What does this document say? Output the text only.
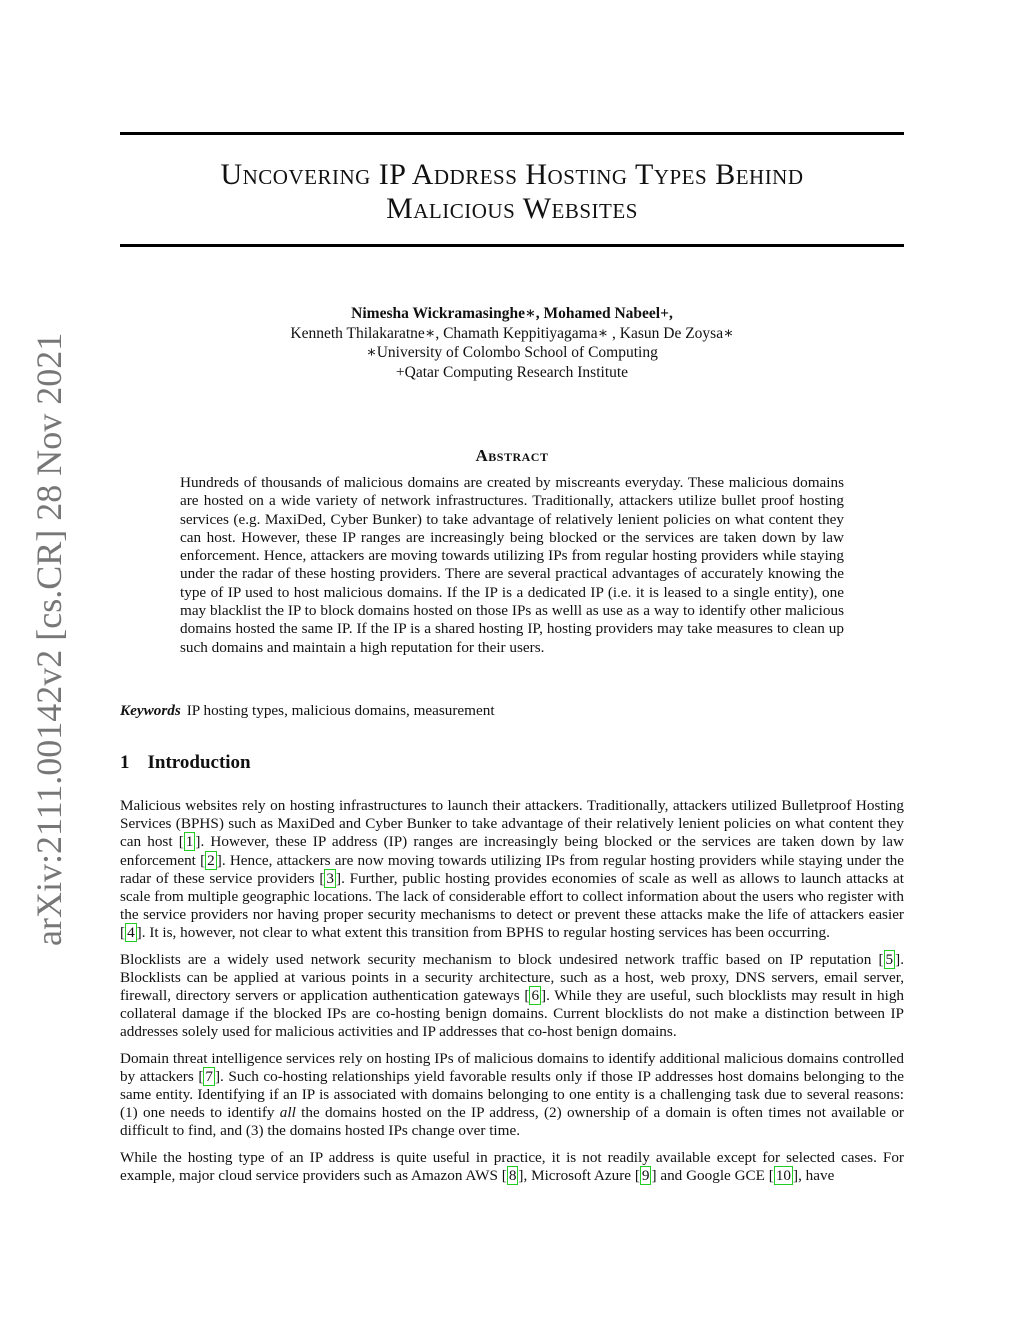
Uncovering IP Address Hosting Types Behind
Malicious Websites
arXiv:2111.00142v2 [cs.CR] 28 Nov 2021
Nimesha Wickramasinghe∗, Mohamed Nabeel+,
Kenneth Thilakaratne∗, Chamath Keppitiyagama∗ , Kasun De Zoysa∗
∗University of Colombo School of Computing
+Qatar Computing Research Institute
Abstract
Hundreds of thousands of malicious domains are created by miscreants everyday. These malicious domains are hosted on a wide variety of network infrastructures. Traditionally, attackers utilize bullet proof hosting services (e.g. MaxiDed, Cyber Bunker) to take advantage of relatively lenient policies on what content they can host. However, these IP ranges are increasingly being blocked or the services are taken down by law enforcement. Hence, attackers are moving towards utilizing IPs from regular hosting providers while staying under the radar of these hosting providers. There are several practical advantages of accurately knowing the type of IP used to host malicious domains. If the IP is a dedicated IP (i.e. it is leased to a single entity), one may blacklist the IP to block domains hosted on those IPs as welll as use as a way to identify other malicious domains hosted the same IP. If the IP is a shared hosting IP, hosting providers may take measures to clean up such domains and maintain a high reputation for their users.
Keywords IP hosting types, malicious domains, measurement
1 Introduction

Malicious websites rely on hosting infrastructures to launch their attackers. Traditionally, attackers utilized Bulletproof Hosting Services (BPHS) such as MaxiDed and Cyber Bunker to take advantage of their relatively lenient policies on what content they can host [ 1 ]. However, these IP address (IP) ranges are increasingly being blocked or the services are taken down by law enforcement [ 2 ]. Hence, attackers are now moving towards utilizing IPs from regular hosting providers while staying under the radar of these service providers [ 3 ]. Further, public hosting provides economies of scale as well as allows to launch attacks at scale from multiple geographic locations. The lack of considerable effort to collect information about the users who register with the service providers nor having proper security mechanisms to detect or prevent these attacks make the life of attackers easier [ 4 ]. It is, however, not clear to what extent this transition from BPHS to regular hosting services has been occurring.

Blocklists are a widely used network security mechanism to block undesired network traffic based on IP reputation [ 5 ]. Blocklists can be applied at various points in a security architecture, such as a host, web proxy, DNS servers, email server, firewall, directory servers or application authentication gateways [ 6 ]. While they are useful, such blocklists may result in high collateral damage if the blocked IPs are co-hosting benign domains. Current blocklists do not make a distinction between IP addresses solely used for malicious activities and IP addresses that co-host benign domains.

Domain threat intelligence services rely on hosting IPs of malicious domains to identify additional malicious domains controlled by attackers [ 7 ]. Such co-hosting relationships yield favorable results only if those IP addresses host domains belonging to the same entity. Identifying if an IP is associated with domains belonging to one entity is a challenging task due to several reasons: (1) one needs to identify all the domains hosted on the IP address, (2) ownership of a domain is often times not available or difficult to find, and (3) the domains hosted IPs change over time.

While the hosting type of an IP address is quite useful in practice, it is not readily available except for selected cases. For example, major cloud service providers such as Amazon AWS [ 8 ], Microsoft Azure [ 9 ] and Google GCE [ 10 ], have
